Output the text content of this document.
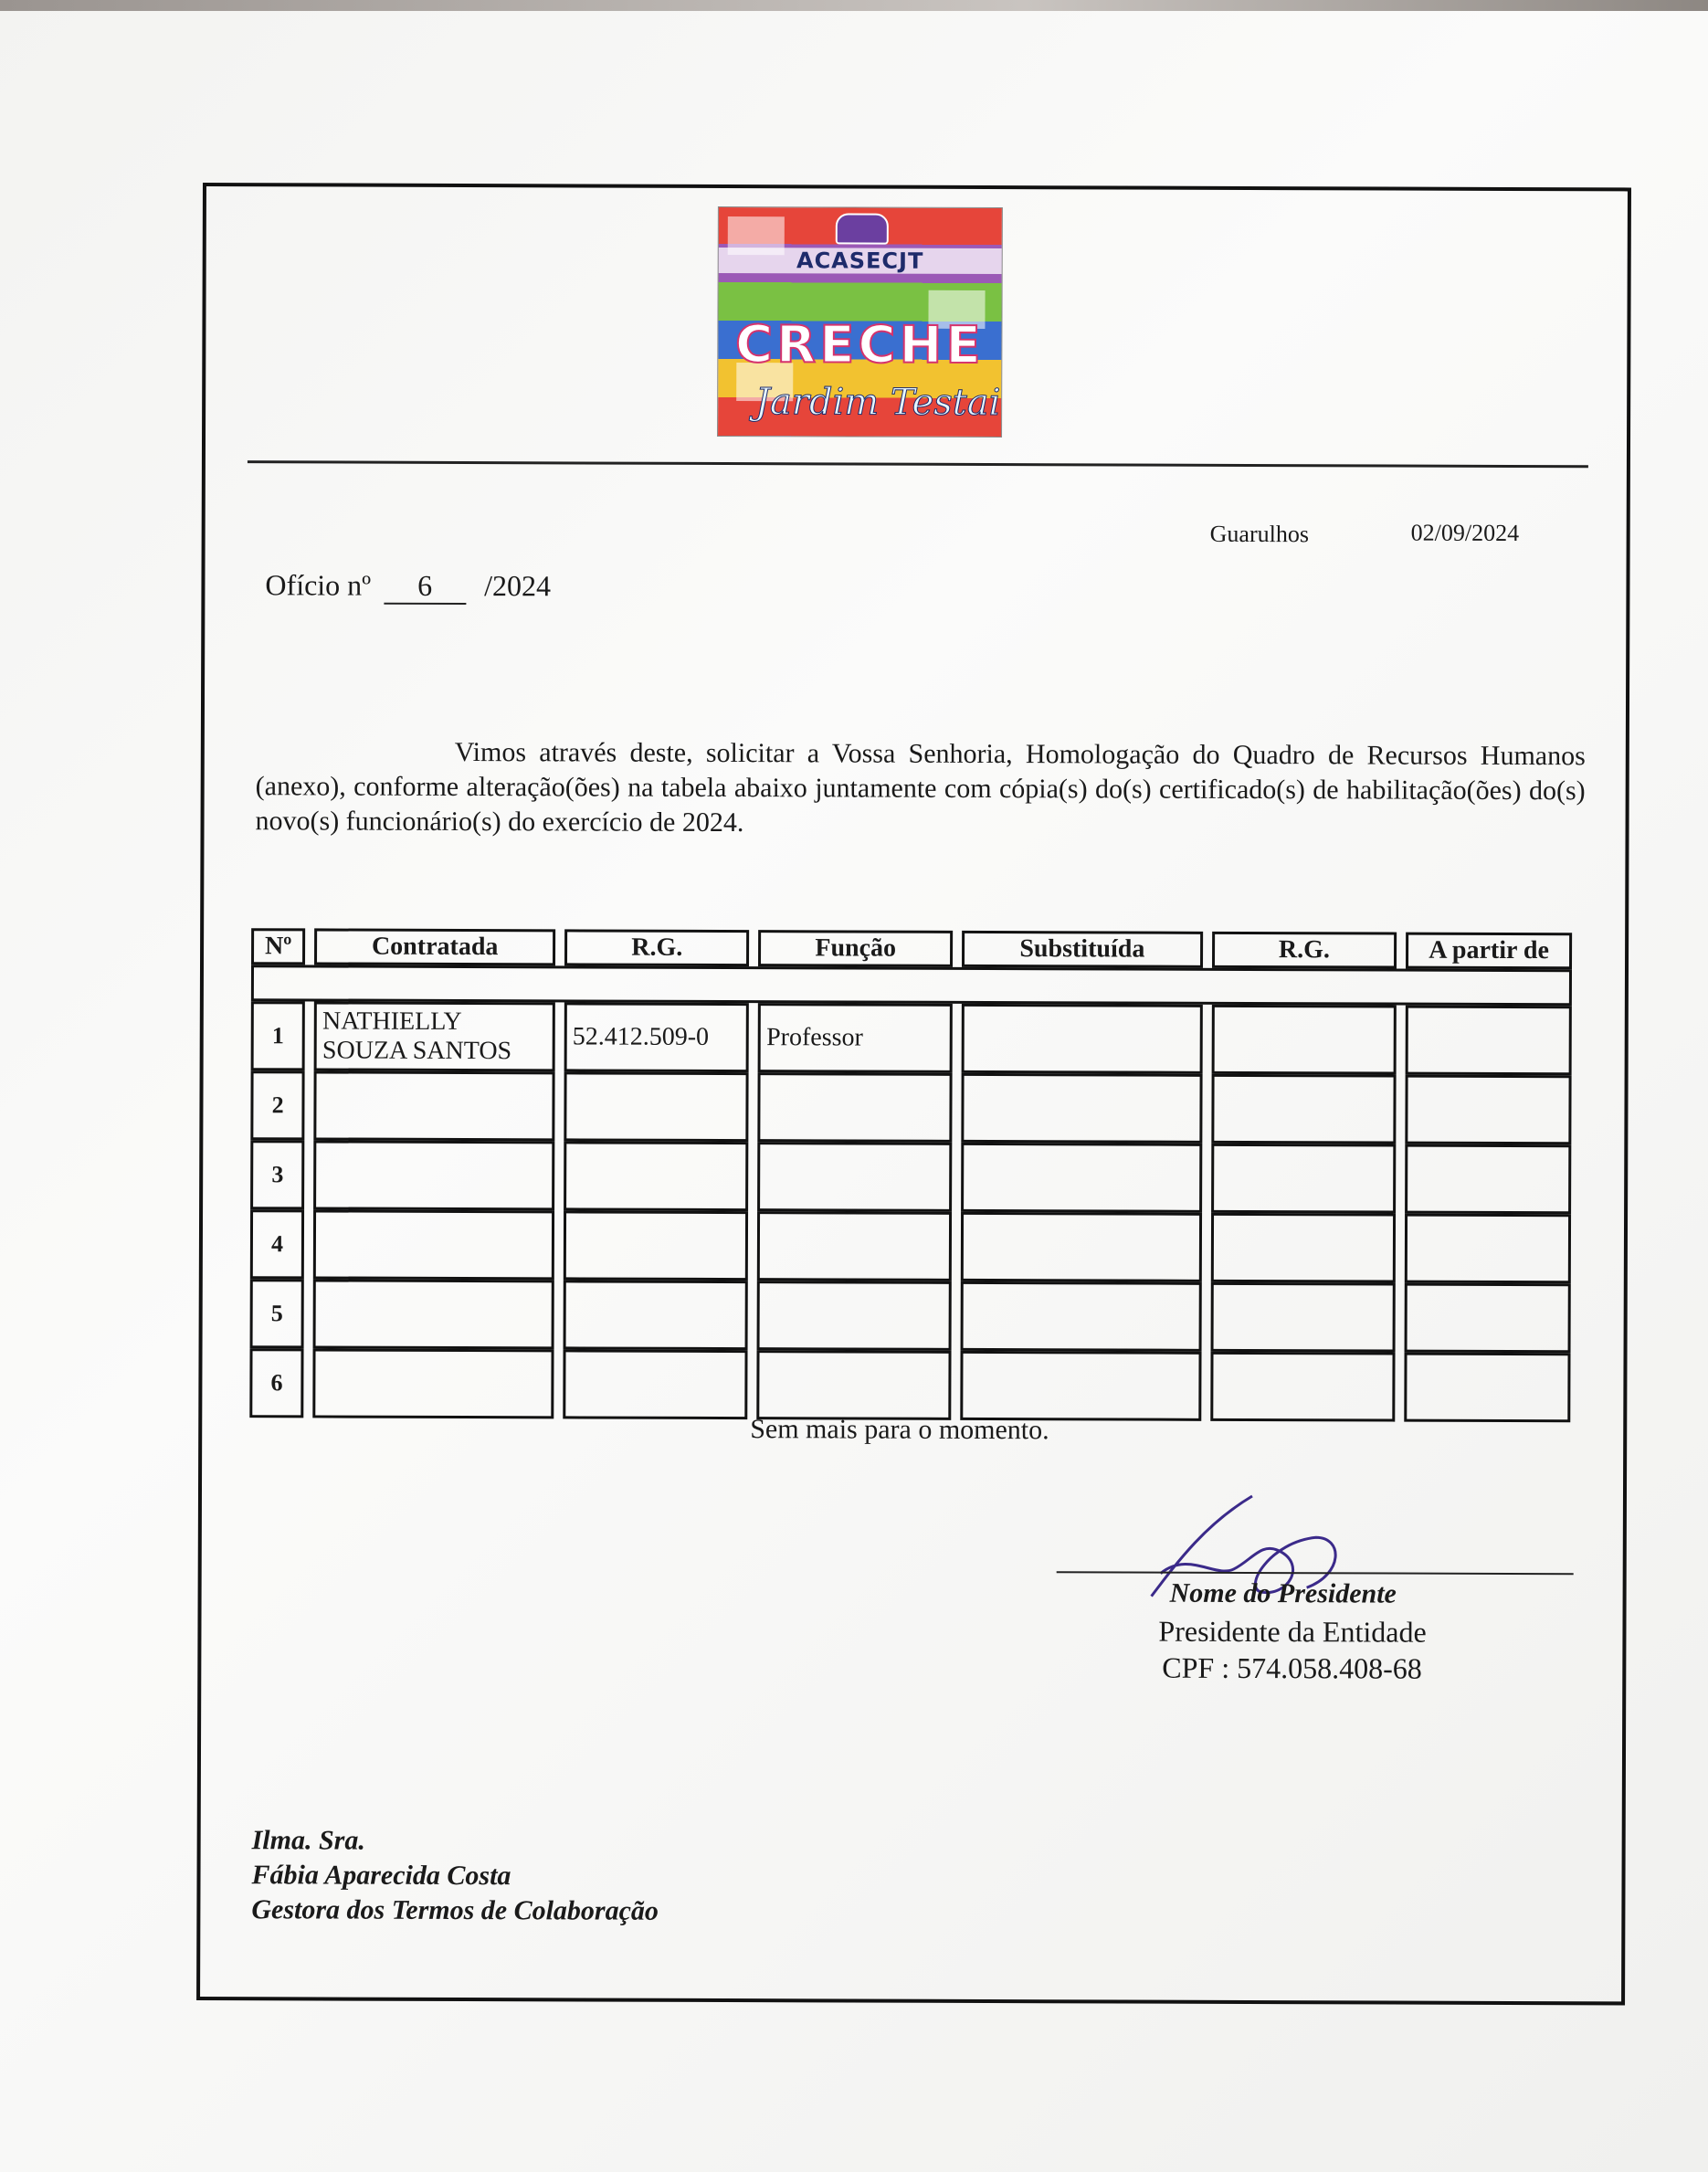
ACASECJT
CRECHE
Jardim Testai
Guarulhos	02/09/2024
Ofício nº 6 /2024
Vimos através deste, solicitar a Vossa Senhoria, Homologação do Quadro de Recursos Humanos (anexo), conforme alteração(ões) na tabela abaixo juntamente com cópia(s) do(s) certificado(s) de habilitação(ões) do(s) novo(s) funcionário(s) do exercício de 2024.
Nº	Contratada	R.G.	Função	Substituída	R.G.	A partir de

1	NATHIELLY SOUZA SANTOS	52.412.509-0	Professor			
2						
3						
4						
5						
6						
Sem mais para o momento.
Nome do Presidente
Presidente da Entidade
CPF : 574.058.408-68
Ilma. Sra.
Fábia Aparecida Costa
Gestora dos Termos de Colaboração
